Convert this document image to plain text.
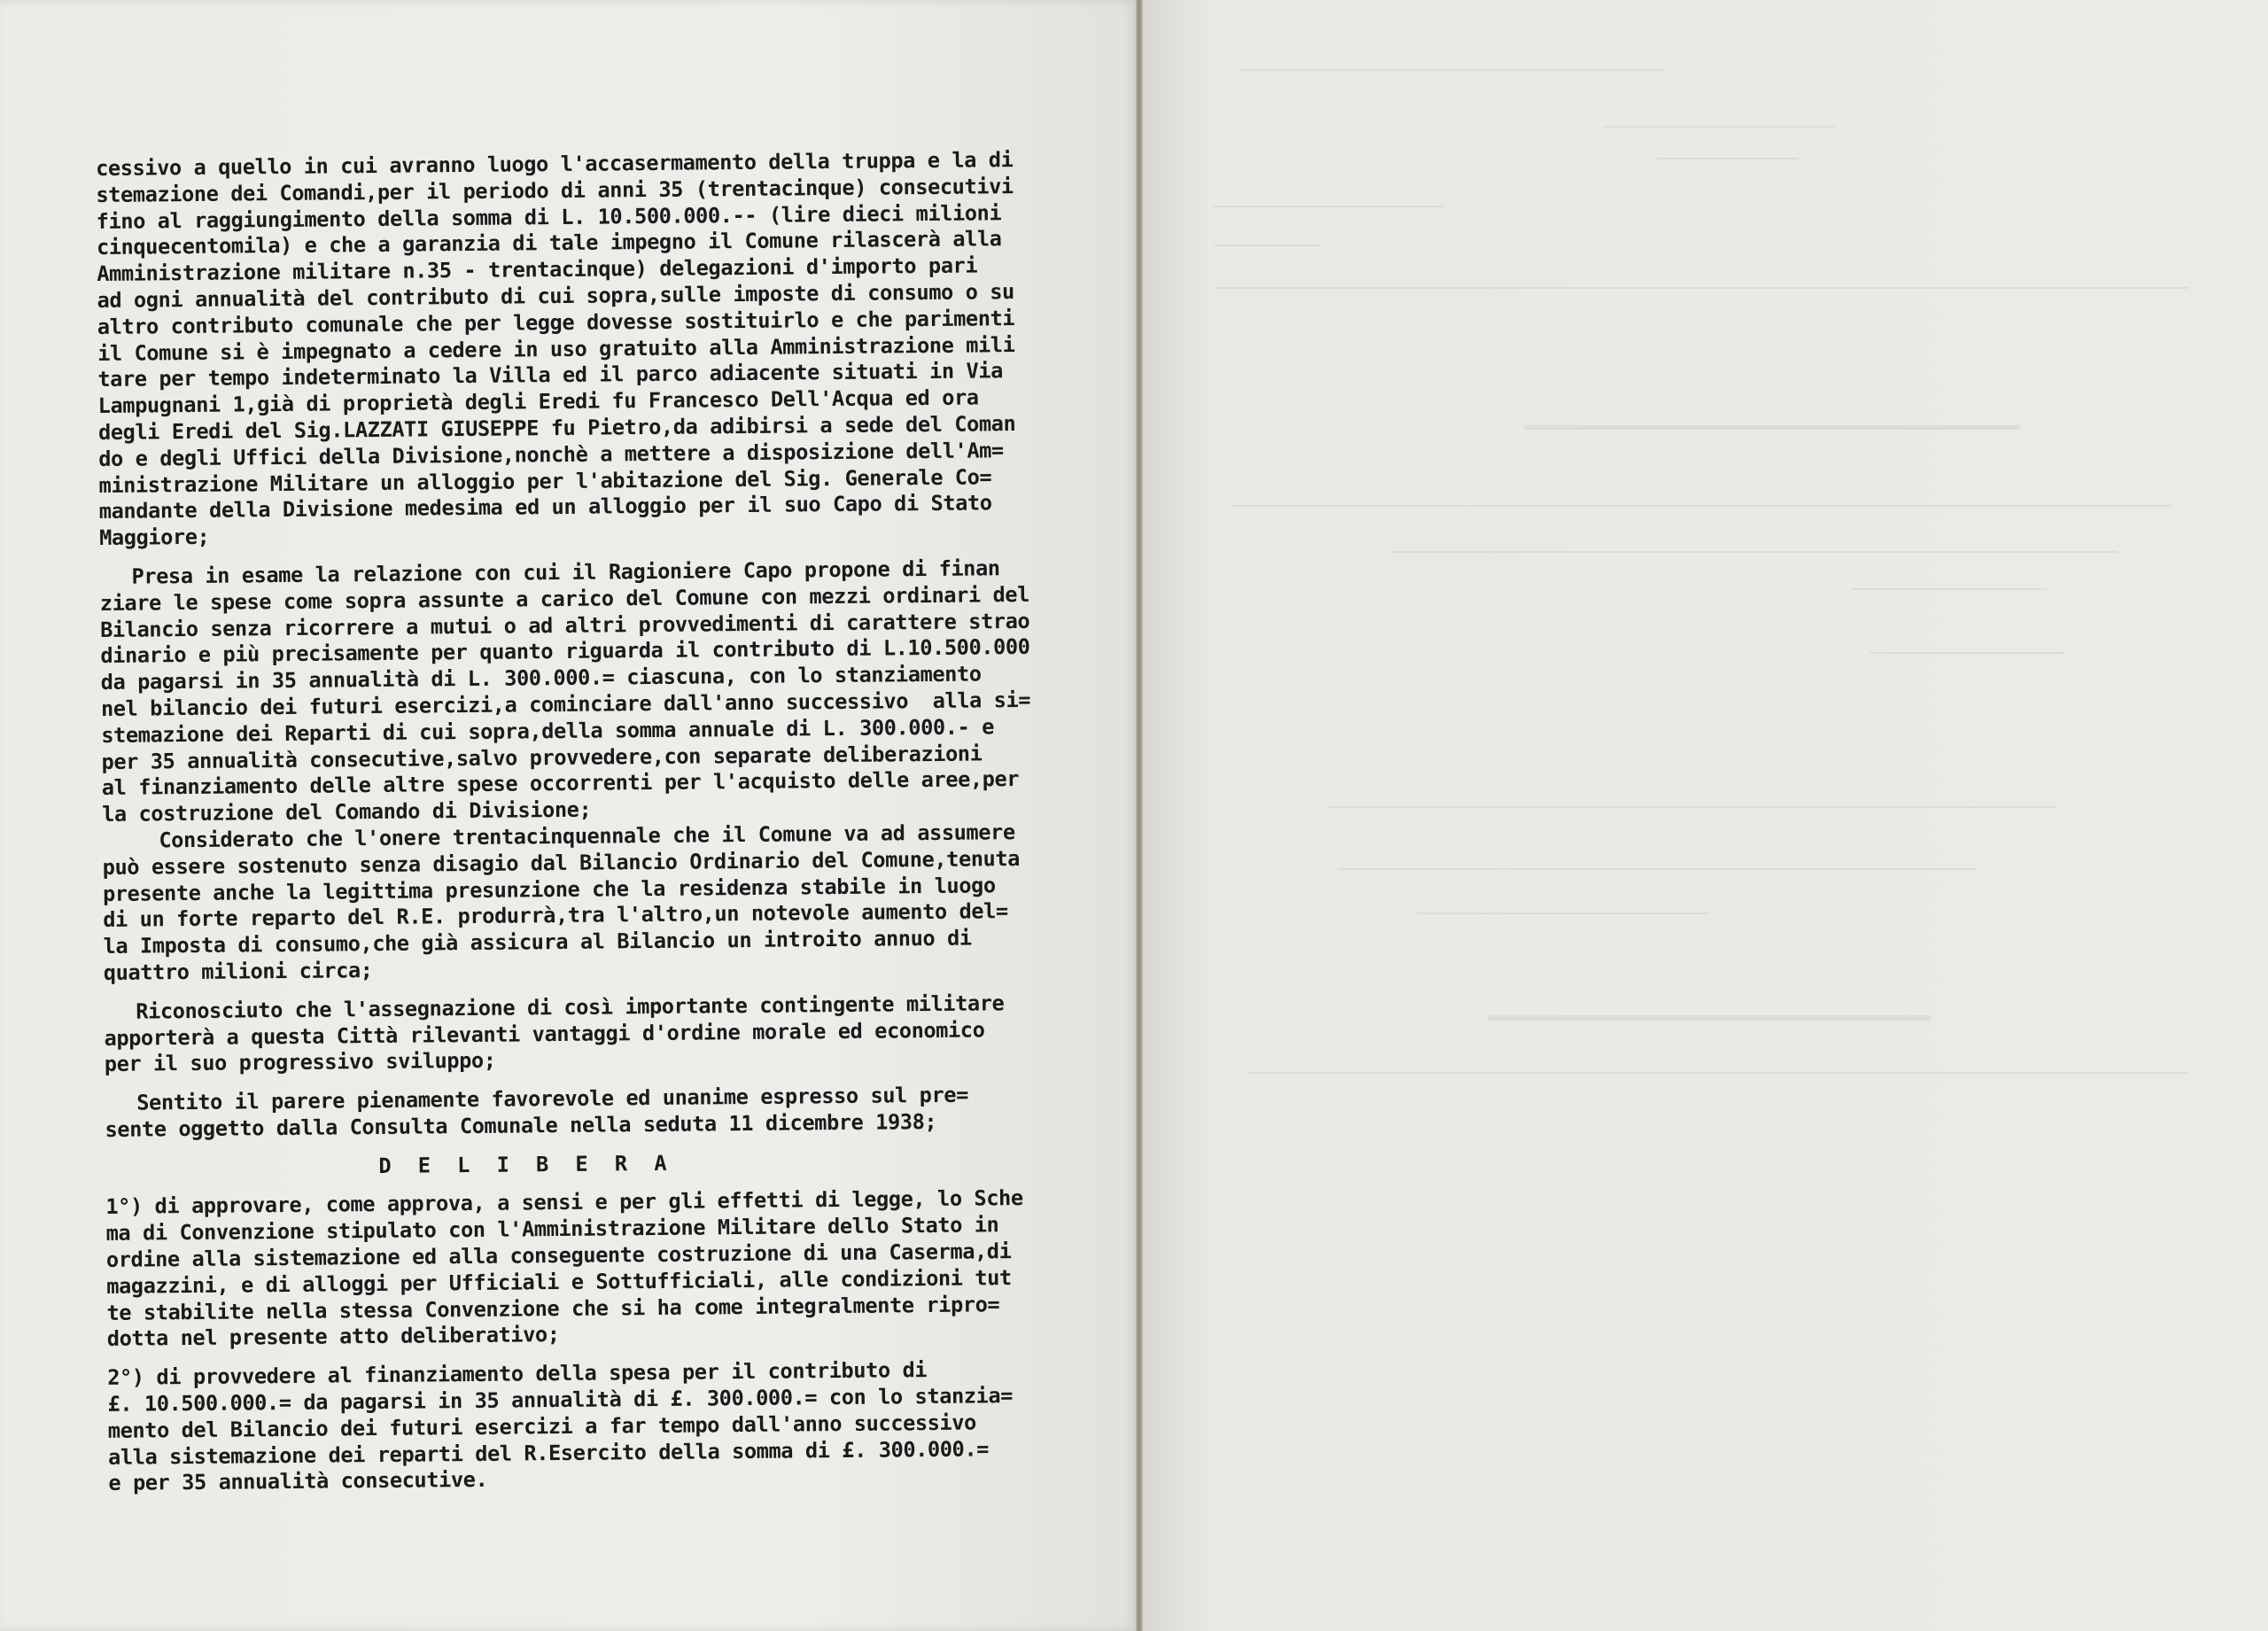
cessivo a quello in cui avranno luogo l'accasermamento della truppa e la di
stemazione dei Comandi,per il periodo di anni 35 (trentacinque) consecutivi
fino al raggiungimento della somma di L. 10.500.000.-- (lire dieci milioni
cinquecentomila) e che a garanzia di tale impegno il Comune rilascerà alla
Amministrazione militare n.35 - trentacinque) delegazioni d'importo pari
ad ogni annualità del contributo di cui sopra,sulle imposte di consumo o su
altro contributo comunale che per legge dovesse sostituirlo e che parimenti
il Comune si è impegnato a cedere in uso gratuito alla Amministrazione mili
tare per tempo indeterminato la Villa ed il parco adiacente situati in Via
Lampugnani 1,già di proprietà degli Eredi fu Francesco Dell'Acqua ed ora
degli Eredi del Sig.LAZZATI GIUSEPPE fu Pietro,da adibirsi a sede del Coman
do e degli Uffici della Divisione,nonchè a mettere a disposizione dell'Am=
ministrazione Militare un alloggio per l'abitazione del Sig. Generale Co=
mandante della Divisione medesima ed un alloggio per il suo Capo di Stato
Maggiore;
Presa in esame la relazione con cui il Ragioniere Capo propone di finan
ziare le spese come sopra assunte a carico del Comune con mezzi ordinari del
Bilancio senza ricorrere a mutui o ad altri provvedimenti di carattere strao
dinario e più precisamente per quanto riguarda il contributo di L.10.500.000
da pagarsi in 35 annualità di L. 300.000.= ciascuna, con lo stanziamento
nel bilancio dei futuri esercizi,a cominciare dall'anno successivo  alla si=
stemazione dei Reparti di cui sopra,della somma annuale di L. 300.000.- e
per 35 annualità consecutive,salvo provvedere,con separate deliberazioni
al finanziamento delle altre spese occorrenti per l'acquisto delle aree,per
la costruzione del Comando di Divisione;
Considerato che l'onere trentacinquennale che il Comune va ad assumere
può essere sostenuto senza disagio dal Bilancio Ordinario del Comune,tenuta
presente anche la legittima presunzione che la residenza stabile in luogo
di un forte reparto del R.E. produrrà,tra l'altro,un notevole aumento del=
la Imposta di consumo,che già assicura al Bilancio un introito annuo di
quattro milioni circa;
Riconosciuto che l'assegnazione di così importante contingente militare
apporterà a questa Città rilevanti vantaggi d'ordine morale ed economico
per il suo progressivo sviluppo;
Sentito il parere pienamente favorevole ed unanime espresso sul pre=
sente oggetto dalla Consulta Comunale nella seduta 11 dicembre 1938;
D E L I B E R A
1°) di approvare, come approva, a sensi e per gli effetti di legge, lo Sche
ma di Convenzione stipulato con l'Amministrazione Militare dello Stato in
ordine alla sistemazione ed alla conseguente costruzione di una Caserma,di
magazzini, e di alloggi per Ufficiali e Sottufficiali, alle condizioni tut
te stabilite nella stessa Convenzione che si ha come integralmente ripro=
dotta nel presente atto deliberativo;
2°) di provvedere al finanziamento della spesa per il contributo di
£. 10.500.000.= da pagarsi in 35 annualità di £. 300.000.= con lo stanzia=
mento del Bilancio dei futuri esercizi a far tempo dall'anno successivo
alla sistemazione dei reparti del R.Esercito della somma di £. 300.000.=
e per 35 annualità consecutive.
